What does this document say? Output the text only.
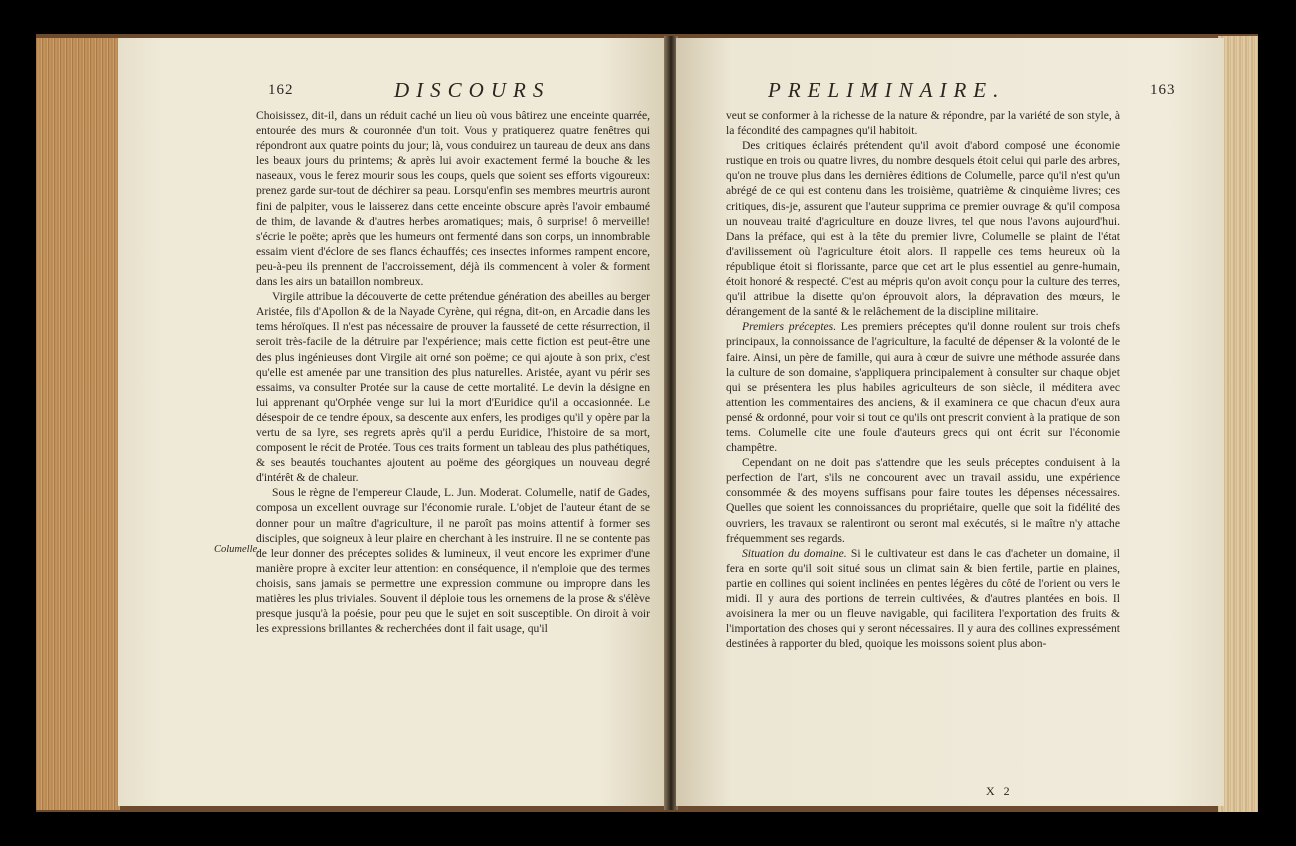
162	DISCOURS

Choisissez, dit-il, dans un réduit caché un lieu où vous bâtirez une enceinte quarrée, entourée des murs & couronnée d'un toit. Vous y pratiquerez quatre fenêtres qui répondront aux quatre points du jour; là, vous conduirez un taureau de deux ans dans les beaux jours du printems; & après lui avoir exactement fermé la bouche & les naseaux, vous le ferez mourir sous les coups, quels que soient ses efforts vigoureux: prenez garde sur-tout de déchirer sa peau. Lorsqu'enfin ses membres meurtris auront fini de palpiter, vous le laisserez dans cette enceinte obscure après l'avoir embaumé de thim, de lavande & d'autres herbes aromatiques; mais, ô surprise! ô merveille! s'écrie le poëte; après que les humeurs ont fermenté dans son corps, un innombrable essaim vient d'éclore de ses flancs échauffés; ces insectes informes rampent encore, peu-à-peu ils prennent de l'accroissement, déjà ils commencent à voler & forment dans les airs un bataillon nombreux.

Virgile attribue la découverte de cette prétendue génération des abeilles au berger Aristée, fils d'Apollon & de la Nayade Cyrène, qui régna, dit-on, en Arcadie dans les tems héroïques. Il n'est pas nécessaire de prouver la fausseté de cette résurrection, il seroit très-facile de la détruire par l'expérience; mais cette fiction est peut-être une des plus ingénieuses dont Virgile ait orné son poëme; ce qui ajoute à son prix, c'est qu'elle est amenée par une transition des plus naturelles. Aristée, ayant vu périr ses essaims, va consulter Protée sur la cause de cette mortalité. Le devin la désigne en lui apprenant qu'Orphée venge sur lui la mort d'Euridice qu'il a occasionnée. Le désespoir de ce tendre époux, sa descente aux enfers, les prodiges qu'il y opère par la vertu de sa lyre, ses regrets après qu'il a perdu Euridice, l'histoire de sa mort, composent le récit de Protée. Tous ces traits forment un tableau des plus pathétiques, & ses beautés touchantes ajoutent au poëme des géorgiques un nouveau degré d'intérêt & de chaleur.

Sous le règne de l'empereur Claude, L. Jun. Moderat. Columelle, natif de Gades, composa un excellent ouvrage sur l'économie rurale. L'objet de l'auteur étant de se donner pour un maître d'agriculture, il ne paroît pas moins attentif à former ses disciples, que soigneux à leur plaire en cherchant à les instruire. Il ne se contente pas de leur donner des préceptes solides & lumineux, il veut encore les exprimer d'une manière propre à exciter leur attention: en conséquence, il n'emploie que des termes choisis, sans jamais se permettre une expression commune ou impropre dans les matières les plus triviales. Souvent il déploie tous les ornemens de la prose & s'élève presque jusqu'à la poésie, pour peu que le sujet en soit susceptible. On diroit à voir les expressions brillantes & recherchées dont il fait usage, qu'il

Columelle.
PRELIMINAIRE.	163

veut se conformer à la richesse de la nature & répondre, par la variété de son style, à la fécondité des campagnes qu'il habitoit.

Des critiques éclairés prétendent qu'il avoit d'abord composé une économie rustique en trois ou quatre livres, du nombre desquels étoit celui qui parle des arbres, qu'on ne trouve plus dans les dernières éditions de Columelle, parce qu'il n'est qu'un abrégé de ce qui est contenu dans les troisième, quatrième & cinquième livres; ces critiques, dis-je, assurent que l'auteur supprima ce premier ouvrage & qu'il composa un nouveau traité d'agriculture en douze livres, tel que nous l'avons aujourd'hui. Dans la préface, qui est à la tête du premier livre, Columelle se plaint de l'état d'avilissement où l'agriculture étoit alors. Il rappelle ces tems heureux où la république étoit si florissante, parce que cet art le plus essentiel au genre-humain, étoit honoré & respecté. C'est au mépris qu'on avoit conçu pour la culture des terres, qu'il attribue la disette qu'on éprouvoit alors, la dépravation des mœurs, le dérangement de la santé & le relâchement de la discipline militaire.

Premiers préceptes. Les premiers préceptes qu'il donne roulent sur trois chefs principaux, la connoissance de l'agriculture, la faculté de dépenser & la volonté de le faire. Ainsi, un père de famille, qui aura à cœur de suivre une méthode assurée dans la culture de son domaine, s'appliquera principalement à consulter sur chaque objet qui se présentera les plus habiles agriculteurs de son siècle, il méditera avec attention les commentaires des anciens, & il examinera ce que chacun d'eux aura pensé & ordonné, pour voir si tout ce qu'ils ont prescrit convient à la pratique de son tems. Columelle cite une foule d'auteurs grecs qui ont écrit sur l'économie champêtre.

Cependant on ne doit pas s'attendre que les seuls préceptes conduisent à la perfection de l'art, s'ils ne concourent avec un travail assidu, une expérience consommée & des moyens suffisans pour faire toutes les dépenses nécessaires. Quelles que soient les connoissances du propriétaire, quelle que soit la fidélité des ouvriers, les travaux se ralentiront ou seront mal exécutés, si le maître n'y attache fréquemment ses regards.

Situation du domaine. Si le cultivateur est dans le cas d'acheter un domaine, il fera en sorte qu'il soit situé sous un climat sain & bien fertile, partie en plaines, partie en collines qui soient inclinées en pentes légères du côté de l'orient ou vers le midi. Il y aura des portions de terrein cultivées, & d'autres plantées en bois. Il avoisinera la mer ou un fleuve navigable, qui facilitera l'exportation des fruits & l'importation des choses qui y seront nécessaires. Il y aura des collines expressément destinées à rapporter du bled, quoique les moissons soient plus abon-

X 2
